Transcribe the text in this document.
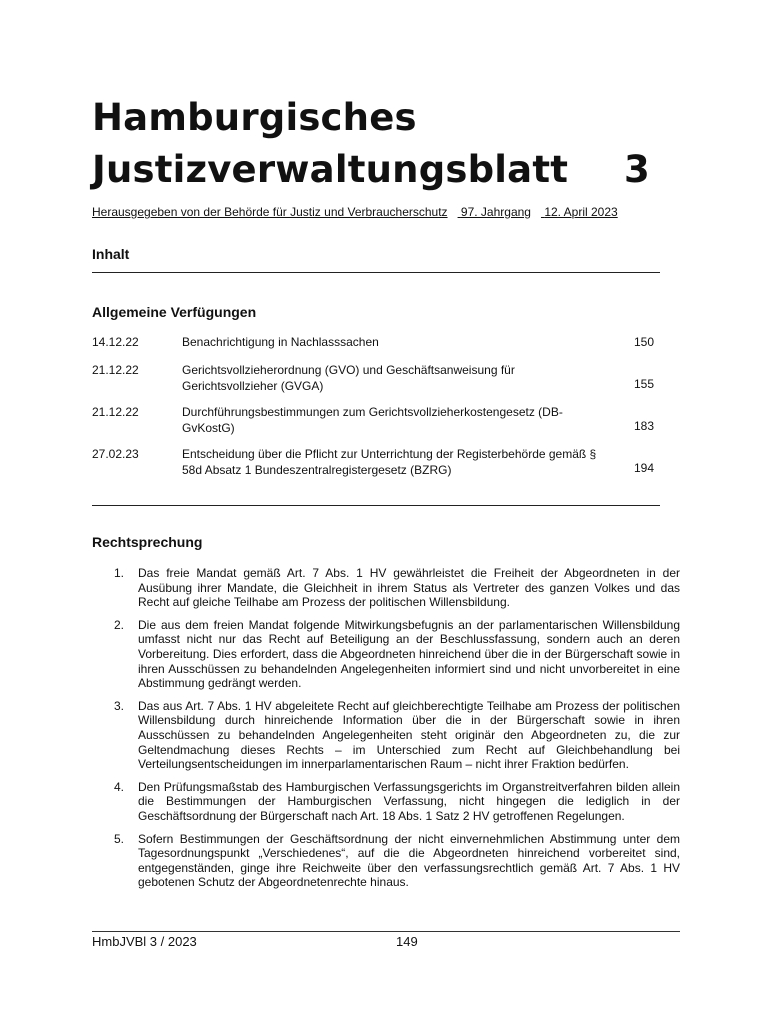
Hamburgisches
Justizverwaltungsblatt	3
Herausgegeben von der Behörde für Justiz und Verbraucherschutz 97. Jahrgang 12. April 2023
Inhalt
Allgemeine Verfügungen
14.12.22	Benachrichtigung in Nachlasssachen	150
21.12.22	Gerichtsvollzieherordnung (GVO) und Geschäftsanweisung für Gerichtsvollzieher (GVGA)	155
21.12.22	Durchführungsbestimmungen zum Gerichtsvollzieherkostengesetz (DB-GvKostG)	183
27.02.23	Entscheidung über die Pflicht zur Unterrichtung der Registerbehörde gemäß § 58d Absatz 1 Bundeszentralregistergesetz (BZRG)	194
Rechtsprechung
1. Das freie Mandat gemäß Art. 7 Abs. 1 HV gewährleistet die Freiheit der Abgeordneten in der Ausübung ihrer Mandate, die Gleichheit in ihrem Status als Vertreter des ganzen Volkes und das Recht auf gleiche Teilhabe am Prozess der politischen Willensbildung.
2. Die aus dem freien Mandat folgende Mitwirkungsbefugnis an der parlamentarischen Willensbildung umfasst nicht nur das Recht auf Beteiligung an der Beschlussfassung, sondern auch an deren Vorbereitung. Dies erfordert, dass die Abgeordneten hinreichend über die in der Bürgerschaft sowie in ihren Ausschüssen zu behandelnden Angelegenheiten informiert sind und nicht unvorbereitet in eine Abstimmung gedrängt werden.
3. Das aus Art. 7 Abs. 1 HV abgeleitete Recht auf gleichberechtigte Teilhabe am Prozess der politischen Willensbildung durch hinreichende Information über die in der Bürgerschaft sowie in ihren Ausschüssen zu behandelnden Angelegenheiten steht originär den Abgeordneten zu, die zur Geltendmachung dieses Rechts – im Unterschied zum Recht auf Gleichbehandlung bei Verteilungsentscheidungen im innerparlamentarischen Raum – nicht ihrer Fraktion bedürfen.
4. Den Prüfungsmaßstab des Hamburgischen Verfassungsgerichts im Organstreitverfahren bilden allein die Bestimmungen der Hamburgischen Verfassung, nicht hingegen die lediglich in der Geschäftsordnung der Bürgerschaft nach Art. 18 Abs. 1 Satz 2 HV getroffenen Regelungen.
5. Sofern Bestimmungen der Geschäftsordnung der nicht einvernehmlichen Abstimmung unter dem Tagesordnungspunkt „Verschiedenes“, auf die die Abgeordneten hinreichend vorbereitet sind, entgegenständen, ginge ihre Reichweite über den verfassungsrechtlich gemäß Art. 7 Abs. 1 HV gebotenen Schutz der Abgeordnetenrechte hinaus.
HmbJVBl 3 / 2023	149
